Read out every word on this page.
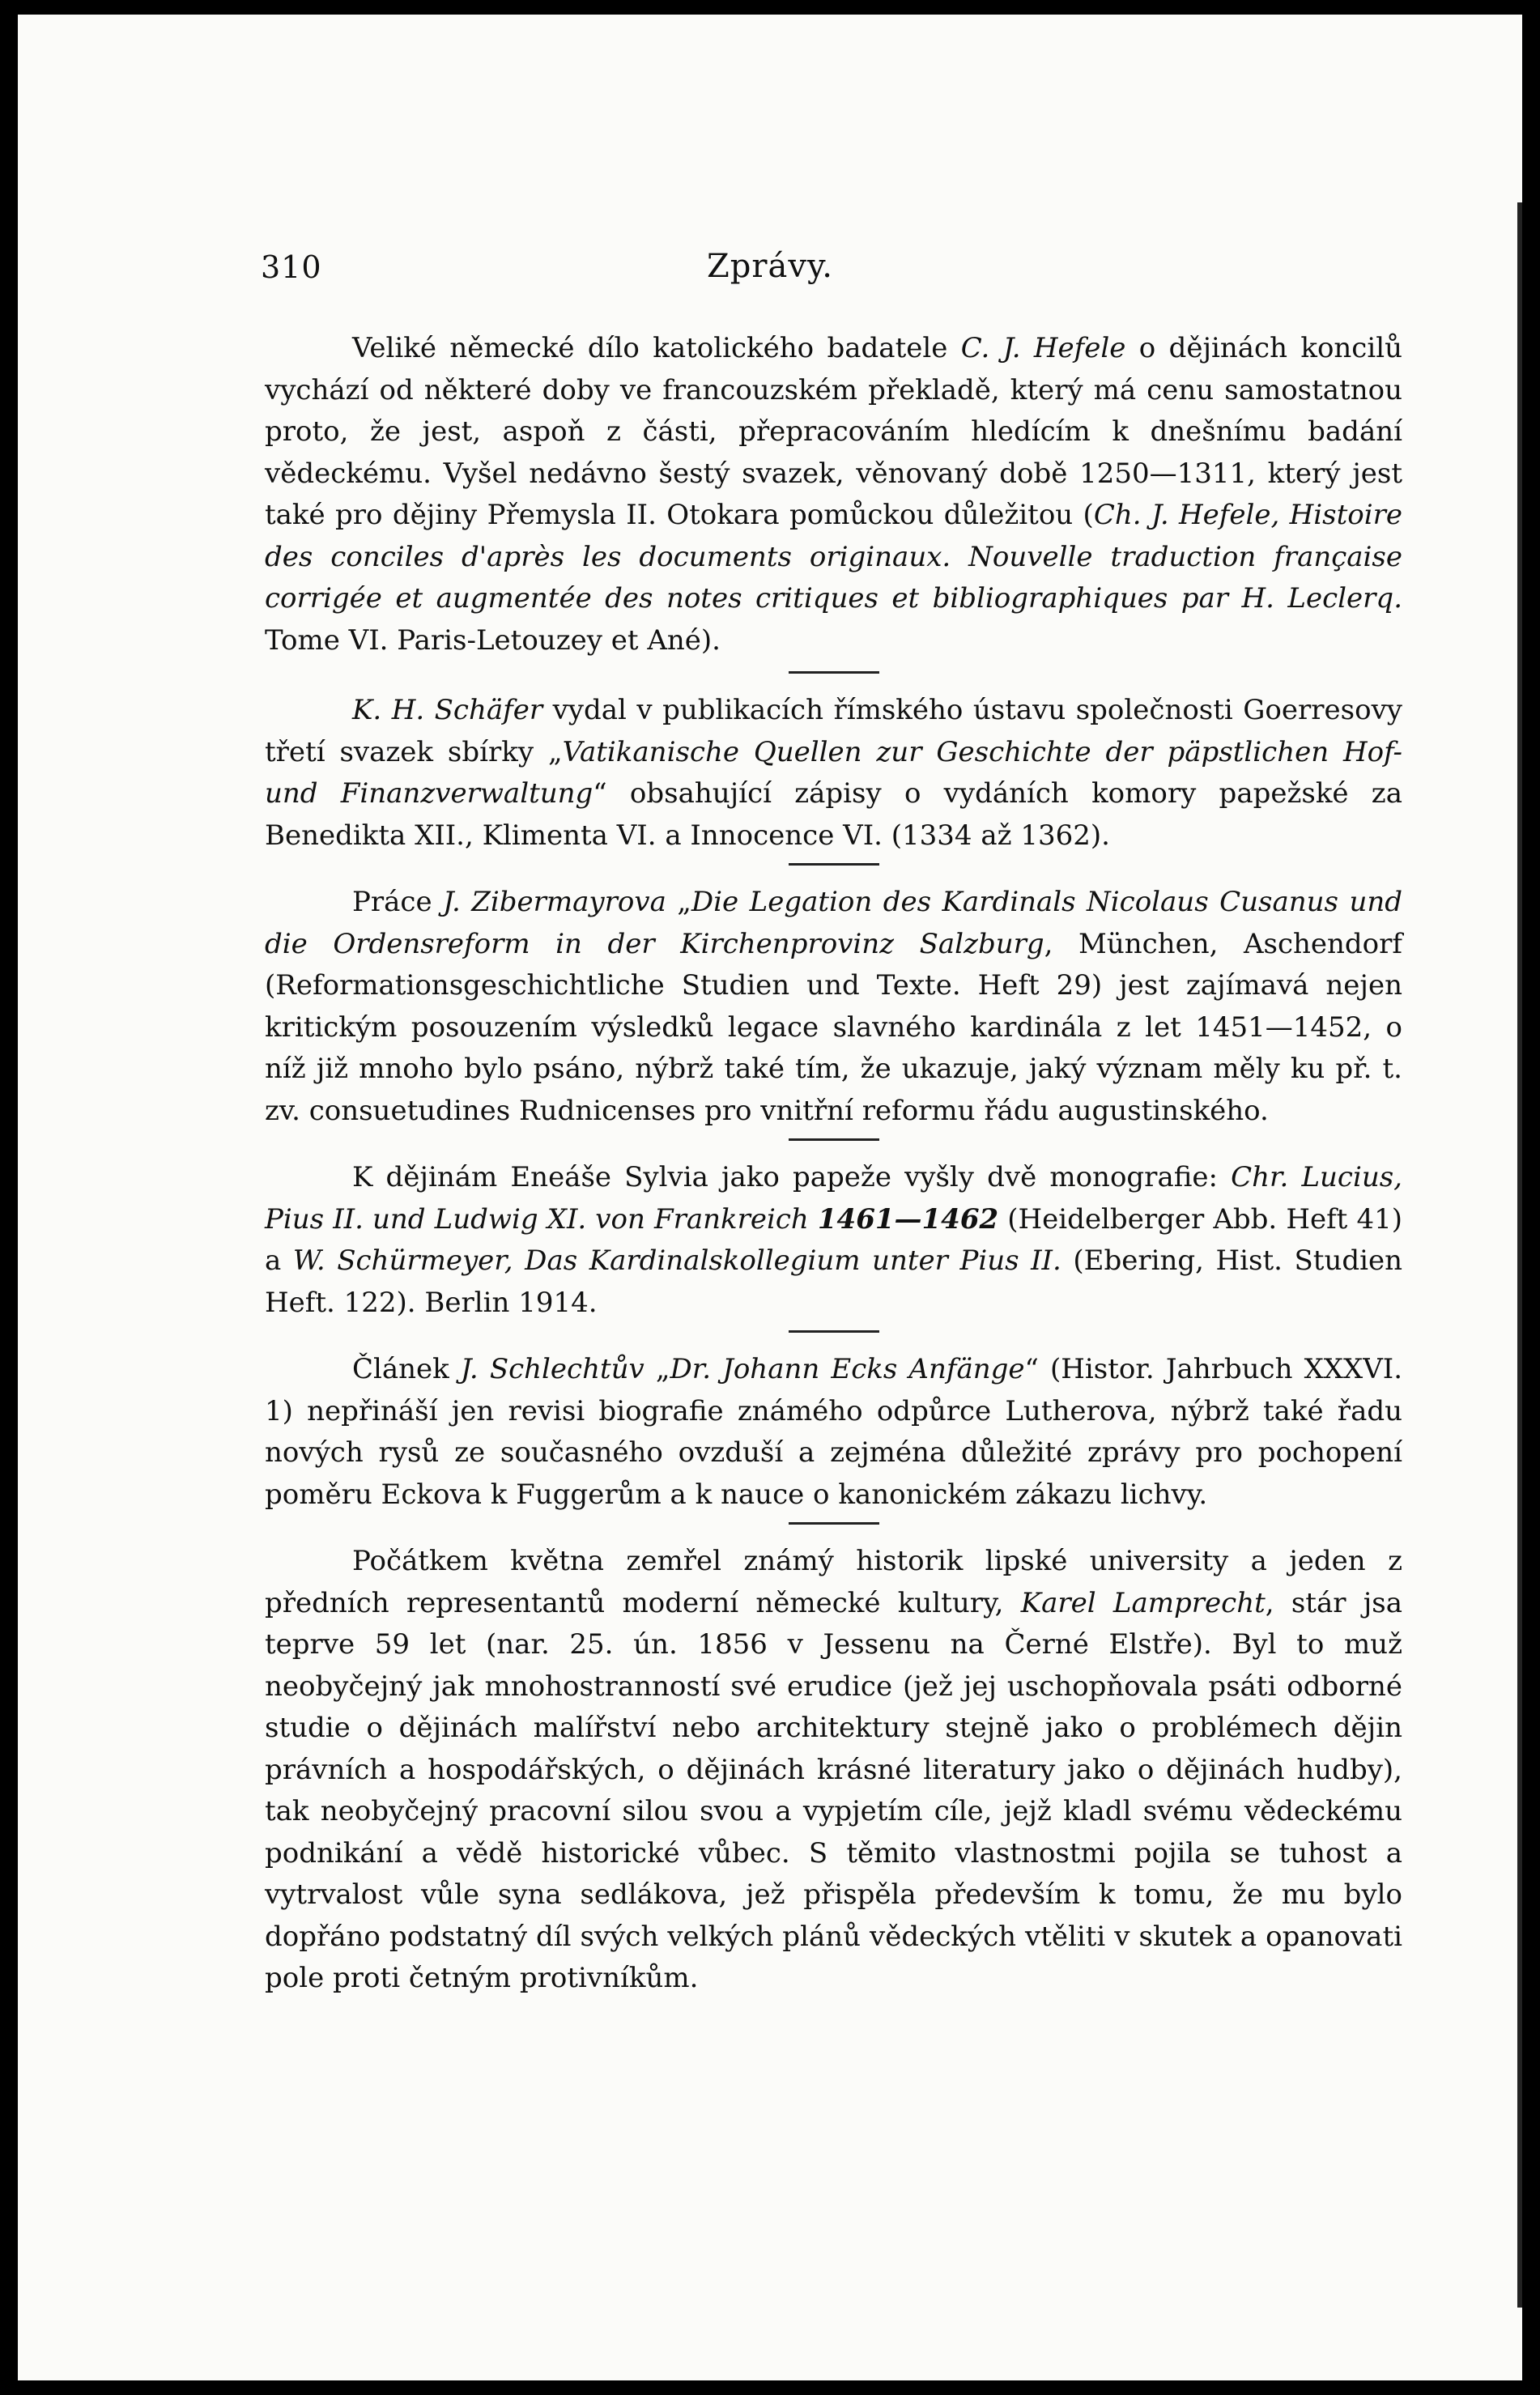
310	Zprávy.

Veliké německé dílo katolického badatele C. J. Hefele o dějinách koncilů vychází od některé doby ve francouzském překladě, který má cenu samostatnou proto, že jest, aspoň z části, přepracováním hledícím k dnešnímu badání vědeckému. Vyšel nedávno šestý svazek, věnovaný době 1250—1311, který jest také pro dějiny Přemysla II. Otokara pomůckou důležitou (Ch. J. Hefele, Histoire des conciles d'après les documents originaux. Nouvelle traduction française corrigée et augmentée des notes critiques et bibliographiques par H. Leclerq. Tome VI. Paris-Letouzey et Ané).

K. H. Schäfer vydal v publikacích římského ústavu společnosti Goerresovy třetí svazek sbírky „Vatikanische Quellen zur Geschichte der päpstlichen Hof- und Finanzverwaltung“ obsahující zápisy o vydáních komory papežské za Benedikta XII., Klimenta VI. a Innocence VI. (1334 až 1362).

Práce J. Zibermayrova „Die Legation des Kardinals Nicolaus Cusanus und die Ordensreform in der Kirchenprovinz Salzburg, München, Aschendorf (Reformationsgeschichtliche Studien und Texte. Heft 29) jest zajímavá nejen kritickým posouzením výsledků legace slavného kardinála z let 1451—1452, o níž již mnoho bylo psáno, nýbrž také tím, že ukazuje, jaký význam měly ku př. t. zv. consuetudines Rudnicenses pro vnitřní reformu řádu augustinského.

K dějinám Eneáše Sylvia jako papeže vyšly dvě monografie: Chr. Lucius, Pius II. und Ludwig XI. von Frankreich 1461—1462 (Heidelberger Abb. Heft 41) a W. Schürmeyer, Das Kardinalskollegium unter Pius II. (Ebering, Hist. Studien Heft. 122). Berlin 1914.

Článek J. Schlechtův „Dr. Johann Ecks Anfänge“ (Histor. Jahrbuch XXXVI. 1) nepřináší jen revisi biografie známého odpůrce Lutherova, nýbrž také řadu nových rysů ze současného ovzduší a zejména důležité zprávy pro pochopení poměru Eckova k Fuggerům a k nauce o kanonickém zákazu lichvy.

Počátkem května zemřel známý historik lipské university a jeden z předních representantů moderní německé kultury, Karel Lamprecht, stár jsa teprve 59 let (nar. 25. ún. 1856 v Jessenu na Černé Elstře). Byl to muž neobyčejný jak mnohostranností své erudice (jež jej uschopňovala psáti odborné studie o dějinách malířství nebo architektury stejně jako o problémech dějin právních a hospodářských, o dějinách krásné literatury jako o dějinách hudby), tak neobyčejný pracovní silou svou a vypjetím cíle, jejž kladl svému vědeckému podnikání a vědě historické vůbec. S těmito vlastnostmi pojila se tuhost a vytrvalost vůle syna sedlákova, jež přispěla především k tomu, že mu bylo dopřáno podstatný díl svých velkých plánů vědeckých vtěliti v skutek a opanovati pole proti četným protivníkům.
